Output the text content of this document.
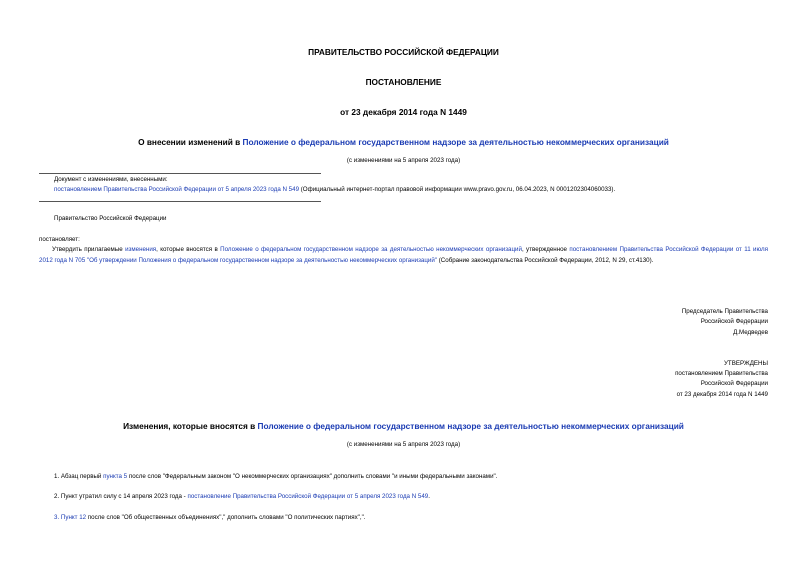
ПРАВИТЕЛЬСТВО РОССИЙСКОЙ ФЕДЕРАЦИИ
ПОСТАНОВЛЕНИЕ
от 23 декабря 2014 года N 1449
О внесении изменений в Положение о федеральном государственном надзоре за деятельностью некоммерческих организаций
(с изменениями на 5 апреля 2023 года)
Документ с изменениями, внесенными:
постановлением Правительства Российской Федерации от 5 апреля 2023 года N 549 (Официальный интернет-портал правовой информации www.pravo.gov.ru, 06.04.2023, N 0001202304060033).
Правительство Российской Федерации
постановляет:
Утвердить прилагаемые изменения, которые вносятся в Положение о федеральном государственном надзоре за деятельностью некоммерческих организаций, утвержденное постановлением Правительства Российской Федерации от 11 июля 2012 года N 705 "Об утверждении Положения о федеральном государственном надзоре за деятельностью некоммерческих организаций" (Собрание законодательства Российской Федерации, 2012, N 29, ст.4130).
Председатель Правительства
Российской Федерации
Д.Медведев
УТВЕРЖДЕНЫ
постановлением Правительства
Российской Федерации
от 23 декабря 2014 года N 1449
Изменения, которые вносятся в Положение о федеральном государственном надзоре за деятельностью некоммерческих организаций
(с изменениями на 5 апреля 2023 года)
1. Абзац первый пункта 5 после слов "Федеральным законом "О некоммерческих организациях" дополнить словами "и иными федеральными законами".
2. Пункт утратил силу с 14 апреля 2023 года - постановление Правительства Российской Федерации от 5 апреля 2023 года N 549.
3. Пункт 12 после слов "Об общественных объединениях"," дополнить словами "О политических партиях",".
